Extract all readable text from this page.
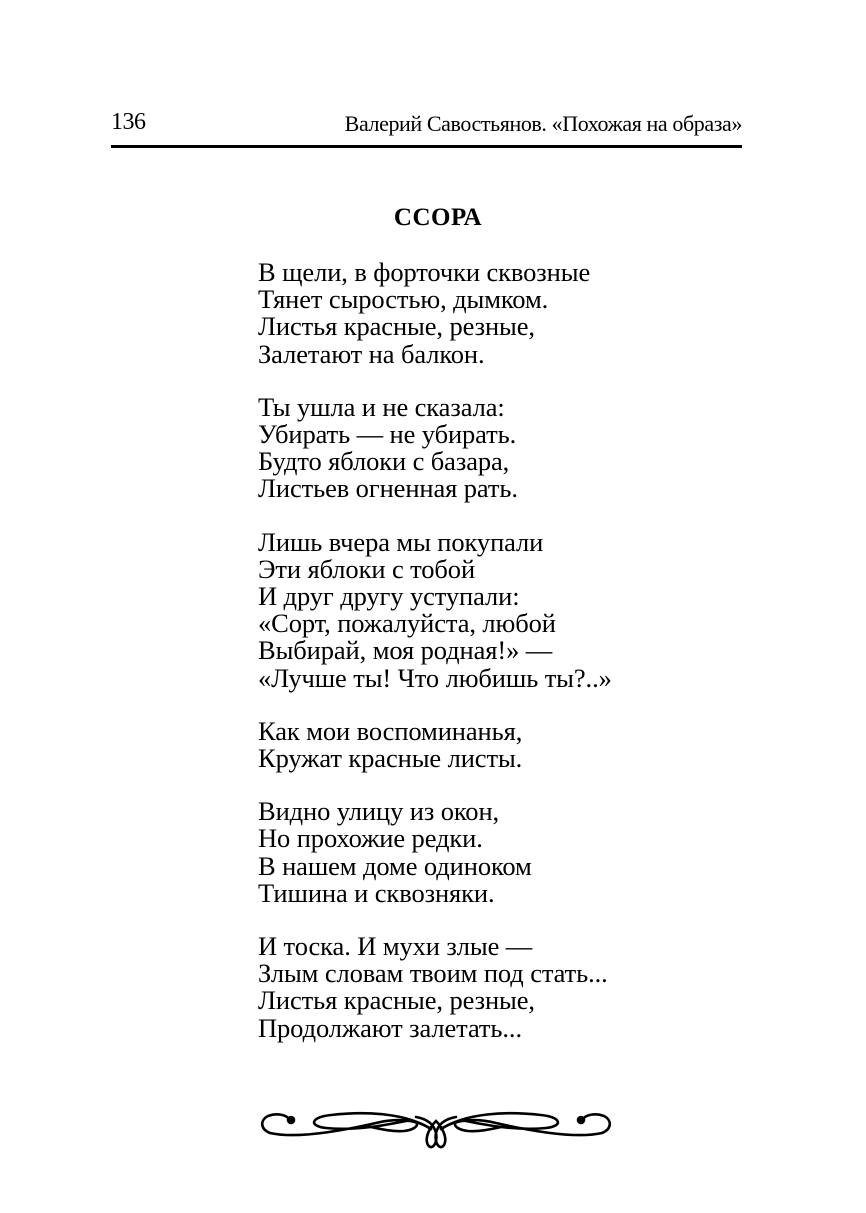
136	Валерий Савостьянов. «Похожая на образа»
ССОРА
В щели, в форточки сквозные
Тянет сыростью, дымком.
Листья красные, резные,
Залетают на балкон.
Ты ушла и не сказала:
Убирать — не убирать.
Будто яблоки с базара,
Листьев огненная рать.
Лишь вчера мы покупали
Эти яблоки с тобой
И друг другу уступали:
«Сорт, пожалуйста, любой
Выбирай, моя родная!» —
«Лучше ты! Что любишь ты?..»
Как мои воспоминанья,
Кружат красные листы.
Видно улицу из окон,
Но прохожие редки.
В нашем доме одиноком
Тишина и сквозняки.
И тоска. И мухи злые —
Злым словам твоим под стать...
Листья красные, резные,
Продолжают залетать...
